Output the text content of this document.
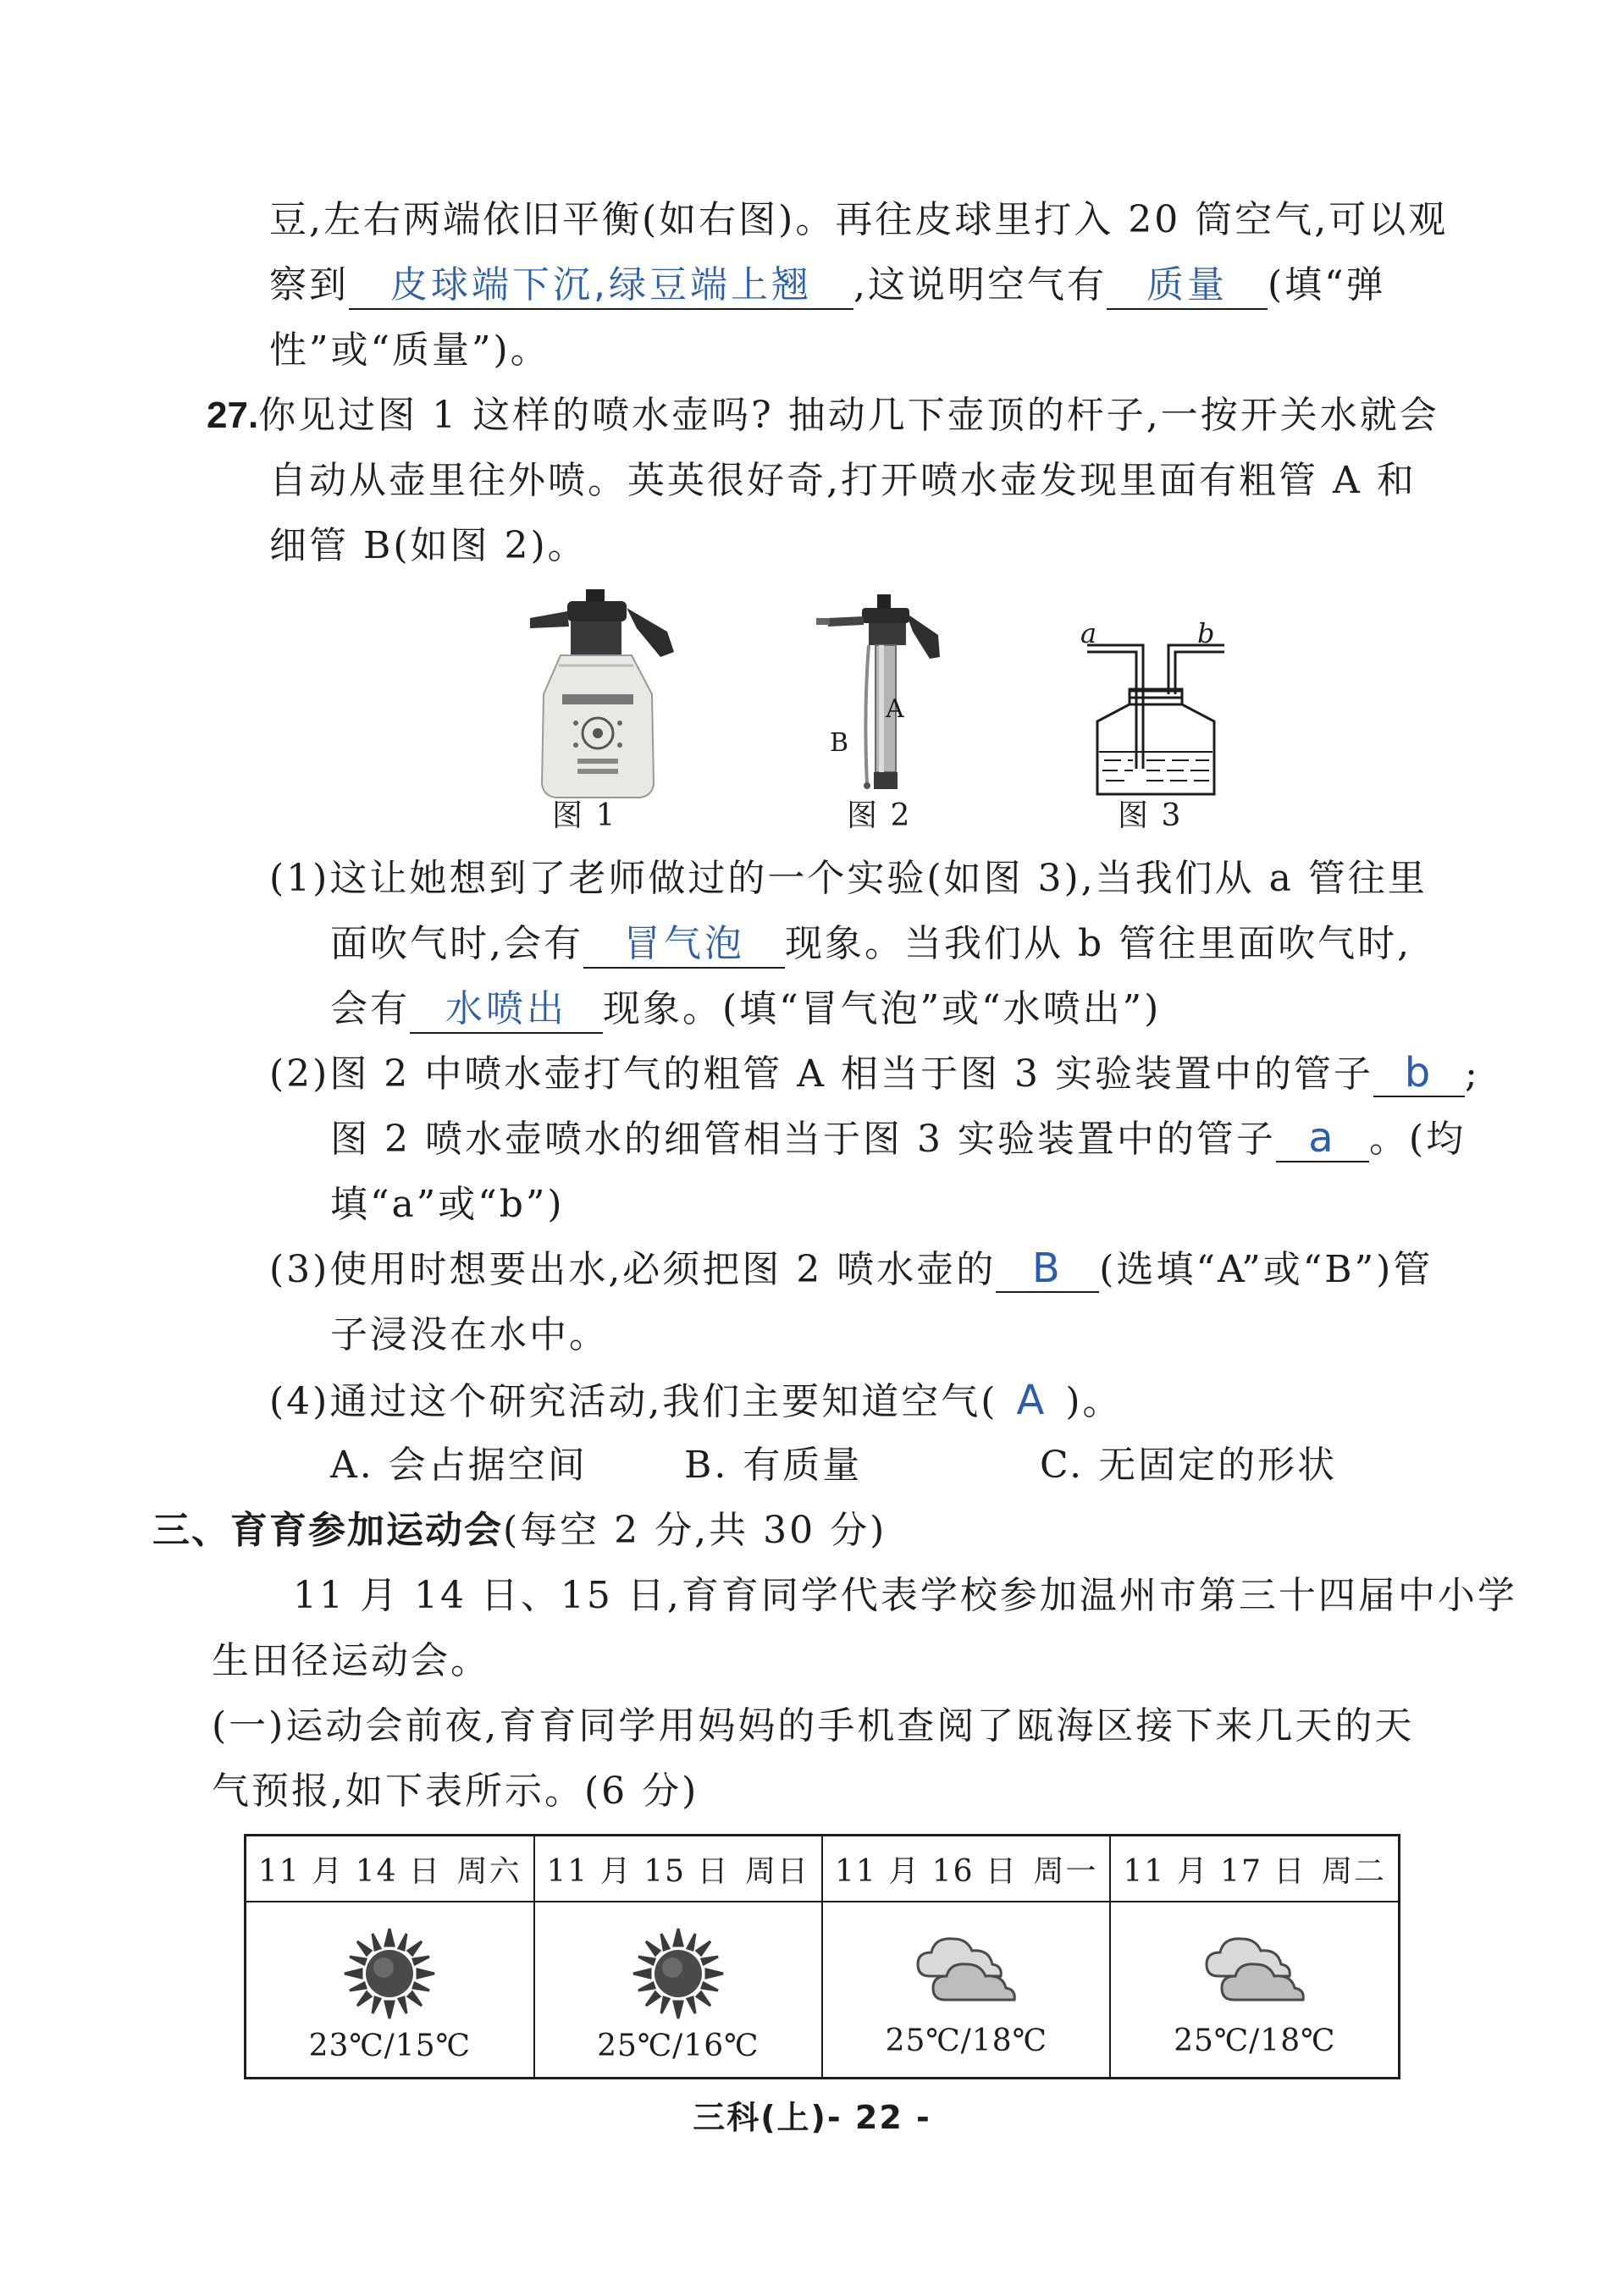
豆,左右两端依旧平衡(如右图)。再往皮球里打入 20 筒空气,可以观
察到 皮球端下沉,绿豆端上翘 ,这说明空气有 质量 (填“弹
性”或“质量”)。
27.你见过图 1 这样的喷水壶吗? 抽动几下壶顶的杆子,一按开关水就会
自动从壶里往外喷。英英很好奇,打开喷水壶发现里面有粗管 A 和
细管 B(如图 2)。
图 1
A
B
图 2
a	b
图 3
(1)这让她想到了老师做过的一个实验(如图 3),当我们从 a 管往里
面吹气时,会有 冒气泡 现象。当我们从 b 管往里面吹气时,
会有 水喷出 现象。(填“冒气泡”或“水喷出”)
(2)图 2 中喷水壶打气的粗管 A 相当于图 3 实验装置中的管子 b ;
图 2 喷水壶喷水的细管相当于图 3 实验装置中的管子 a 。(均
填“a”或“b”)
(3)使用时想要出水,必须把图 2 喷水壶的 B (选填“A”或“B”)管
子浸没在水中。
(4)通过这个研究活动,我们主要知道空气( A )。
A. 会占据空间	B. 有质量	C. 无固定的形状
三、育育参加运动会(每空 2 分,共 30 分)
11 月 14 日、15 日,育育同学代表学校参加温州市第三十四届中小学
生田径运动会。
(一)运动会前夜,育育同学用妈妈的手机查阅了瓯海区接下来几天的天
气预报,如下表所示。(6 分)
11 月 14 日 周六	11 月 15 日 周日	11 月 16 日 周一	11 月 17 日 周二

23℃/15℃	25℃/16℃	25℃/18℃	25℃/18℃
三科(上)- 22 -
